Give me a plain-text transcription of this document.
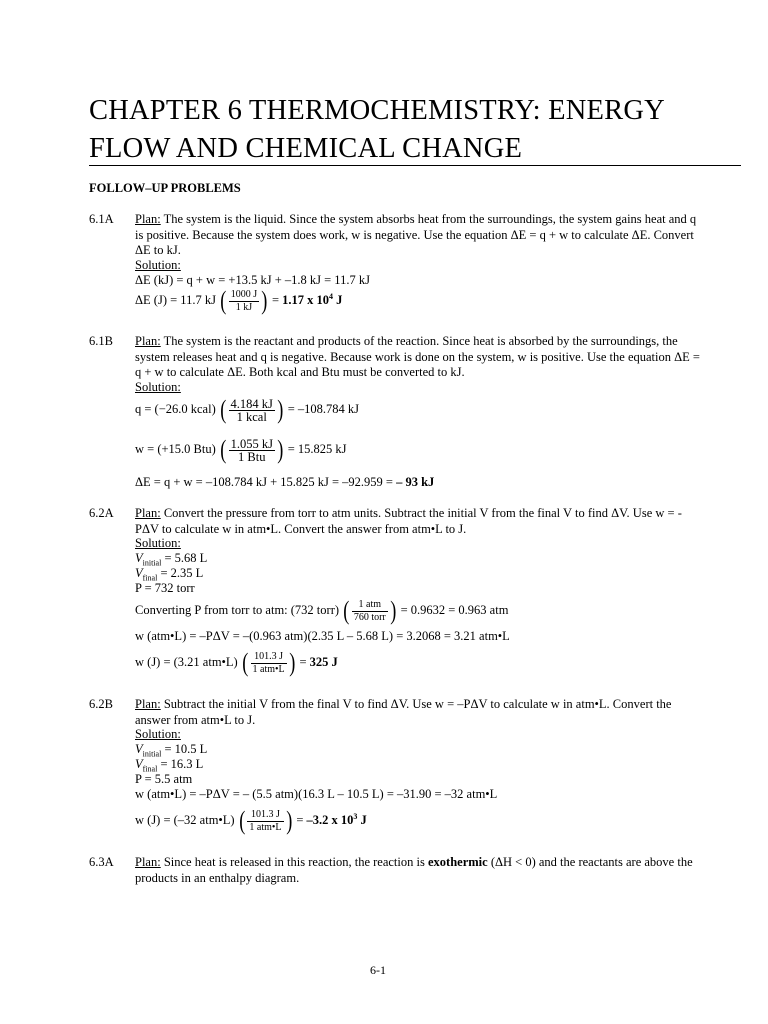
CHAPTER 6 THERMOCHEMISTRY: ENERGY
FLOW AND CHEMICAL CHANGE
FOLLOW–UP PROBLEMS
6.1A Plan: The system is the liquid. Since the system absorbs heat from the surroundings, the system gains heat and q is positive. Because the system does work, w is negative. Use the equation ΔE = q + w to calculate ΔE. Convert ΔE to kJ.
Solution:
ΔE (kJ) = q + w = +13.5 kJ + –1.8 kJ = 11.7 kJ
ΔE (J) = 11.7 kJ ( $\frac{1000 J}{1 kJ}$ ) = 1.17 x $10^4$ J
6.1B Plan: The system is the reactant and products of the reaction. Since heat is absorbed by the surroundings, the system releases heat and q is negative. Because work is done on the system, w is positive. Use the equation ΔE = q + w to calculate ΔE. Both kcal and Btu must be converted to kJ.
Solution:
q = (−26.0 kcal) ( $\frac{4.184 kJ}{\text{1 kcal}}$ ) = –108.784 kJ
w = (+15.0 Btu) ( $\frac{1.055 kJ}{\text{1 Btu}}$ ) = 15.825 kJ
ΔE = q + w = –108.784 kJ + 15.825 kJ = –92.959 = – 93 kJ
6.2A Plan: Convert the pressure from torr to atm units. Subtract the initial V from the final V to find ΔV. Use w = -PΔV to calculate w in atm•L. Convert the answer from atm•L to J.
Solution:
$V_{initial} = 5.68$ L
$V_{final} = 2.35$ L
P = 732 torr
Converting P from torr to atm: (732 torr) ( $\frac{\text{1 atm}}{\text{760 torr}}$ ) = 0.9632 = 0.963 atm
w (atm•L) = –PΔV = –(0.963 atm)(2.35 L – 5.68 L) = 3.2068 = 3.21 atm•L
w (J) = (3.21 atm•L) ( $\frac{101.3 J}{\text{1 atm•L}}$ ) = 325 J
6.2B Plan: Subtract the initial V from the final V to find ΔV. Use w = –PΔV to calculate w in atm•L. Convert the answer from atm•L to J.
Solution:
$V_{initial} = 10.5$ L
$V_{final} = 16.3$ L
P = 5.5 atm
w (atm•L) = –PΔV = – (5.5 atm)(16.3 L – 10.5 L) = –31.90 = –32 atm•L
w (J) = (–32 atm•L) ( $\frac{101.3 J}{\text{1 atm•L}}$ ) = –3.2 x $10^3$ J
6.3A Plan: Since heat is released in this reaction, the reaction is exothermic (ΔH < 0) and the reactants are above the products in an enthalpy diagram.
6-1
